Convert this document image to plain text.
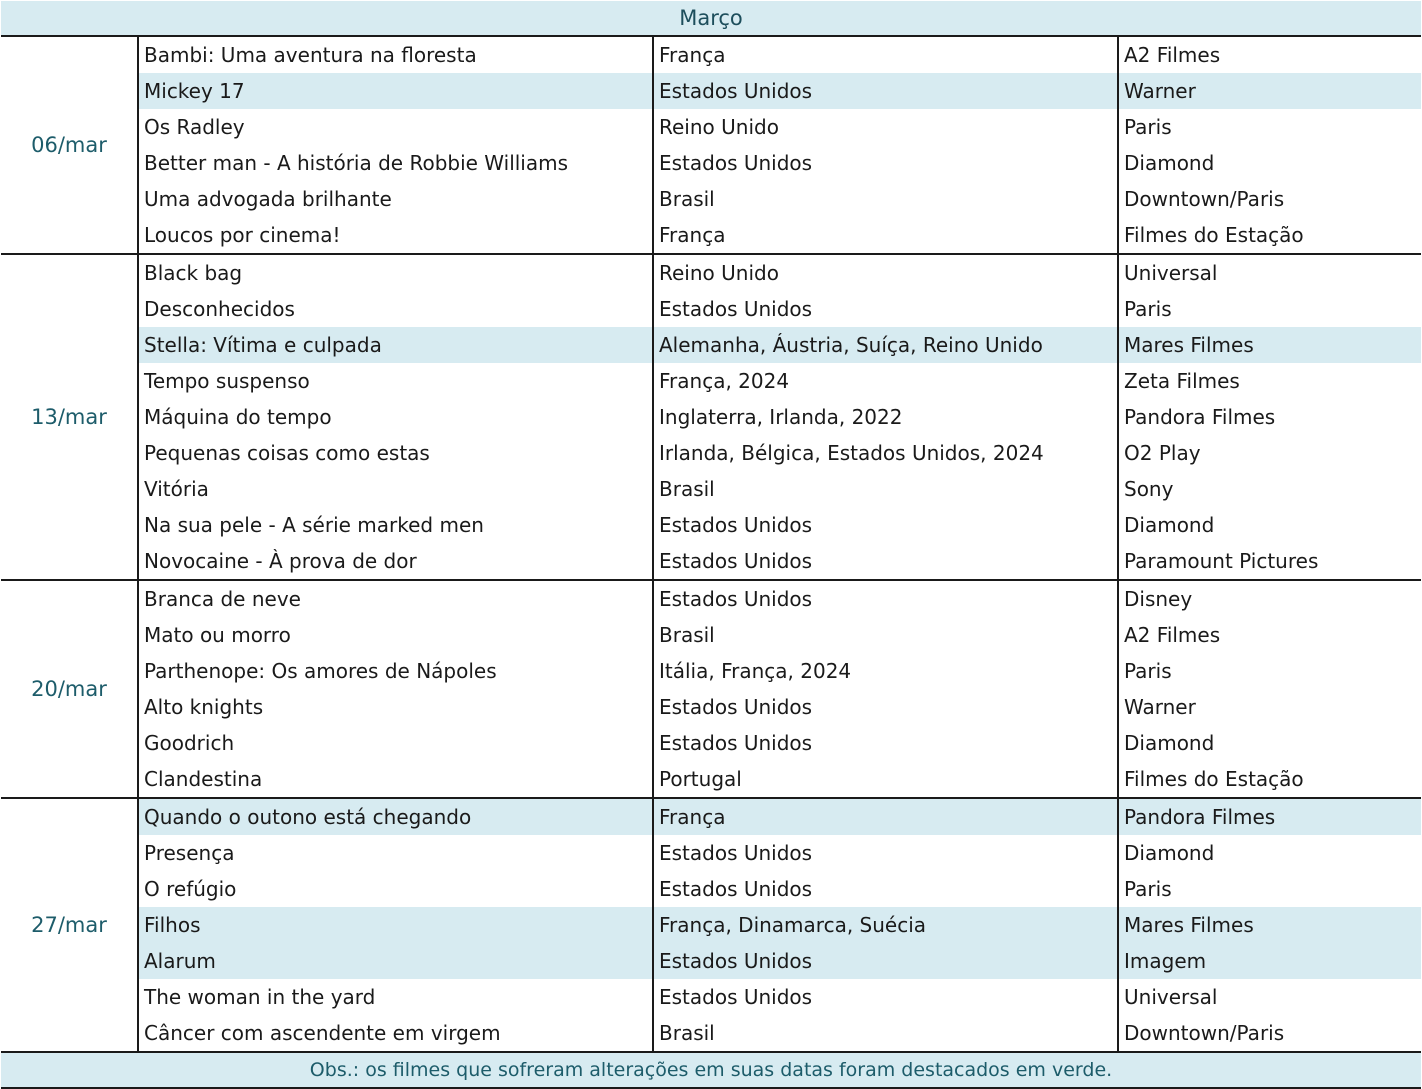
Março			
06/mar	Bambi: Uma aventura na floresta	França	A2 Filmes
	Mickey 17	Estados Unidos	Warner
	Os Radley	Reino Unido	Paris
	Better man - A história de Robbie Williams	Estados Unidos	Diamond
	Uma advogada brilhante	Brasil	Downtown/Paris
	Loucos por cinema!	França	Filmes do Estação
13/mar	Black bag	Reino Unido	Universal
	Desconhecidos	Estados Unidos	Paris
	Stella: Vítima e culpada	Alemanha, Áustria, Suíça, Reino Unido	Mares Filmes
	Tempo suspenso	França, 2024	Zeta Filmes
	Máquina do tempo	Inglaterra, Irlanda, 2022	Pandora Filmes
	Pequenas coisas como estas	Irlanda, Bélgica, Estados Unidos, 2024	O2 Play
	Vitória	Brasil	Sony
	Na sua pele - A série marked men	Estados Unidos	Diamond
	Novocaine - À prova de dor	Estados Unidos	Paramount Pictures
20/mar	Branca de neve	Estados Unidos	Disney
	Mato ou morro	Brasil	A2 Filmes
	Parthenope: Os amores de Nápoles	Itália, França, 2024	Paris
	Alto knights	Estados Unidos	Warner
	Goodrich	Estados Unidos	Diamond
	Clandestina	Portugal	Filmes do Estação
27/mar	Quando o outono está chegando	França	Pandora Filmes
	Presença	Estados Unidos	Diamond
	O refúgio	Estados Unidos	Paris
	Filhos	França, Dinamarca, Suécia	Mares Filmes
	Alarum	Estados Unidos	Imagem
	The woman in the yard	Estados Unidos	Universal
	Câncer com ascendente em virgem	Brasil	Downtown/Paris
Obs.: os filmes que sofreram alterações em suas datas foram destacados em verde.			
